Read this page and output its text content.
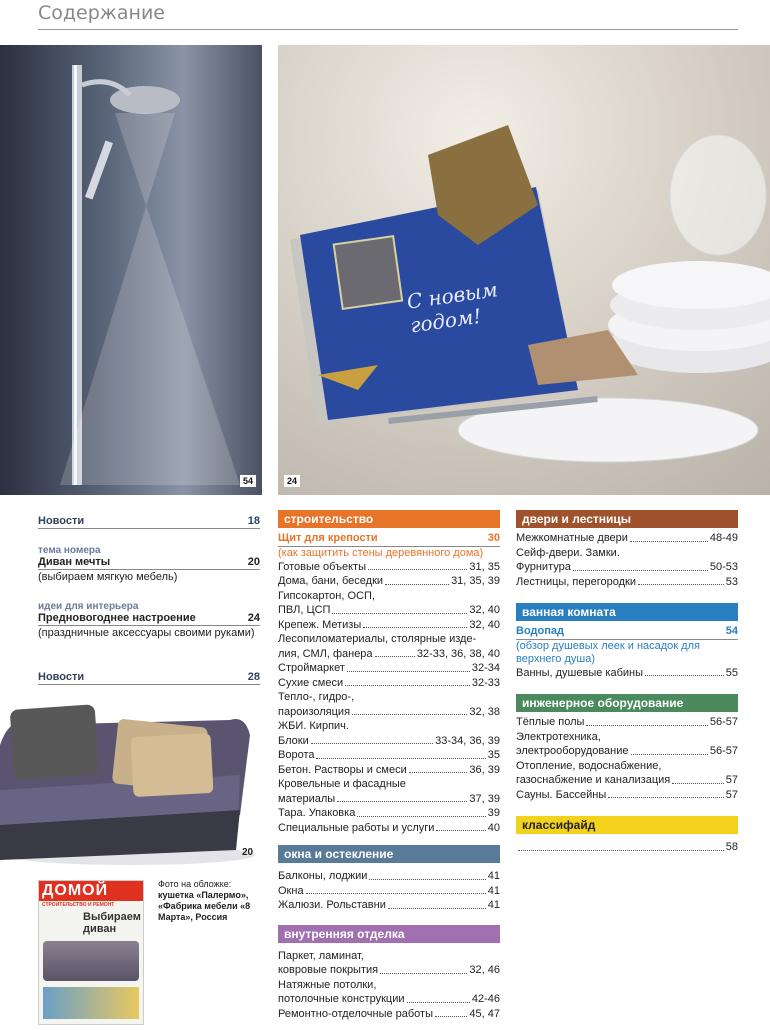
Содержание
54
С новым годом!
24
Новости	18
тема номера
Диван мечты	20
(выбираем мягкую мебель)
идеи для интерьера
Предновогоднее настроение	24
(праздничные аксессуары своими руками)
Новости	28
20
ДОМОЙ
СТРОИТЕЛЬСТВО И РЕМОНТ
Выбираем диван
Фото на обложке:
кушетка «Палермо», «Фабрика мебели «8 Марта», Россия
строительство
Щит для крепости	30
(как защитить стены деревянного дома)
Готовые объекты	31, 35
Дома, бани, беседки	31, 35, 39
Гипсокартон, ОСП,
ПВЛ, ЦСП	32, 40
Крепеж. Метизы	32, 40
Лесопиломатериалы, столярные изде-
лия, СМЛ, фанера	32-33, 36, 38, 40
Строймаркет	32-34
Сухие смеси	32-33
Тепло-, гидро-,
пароизоляция	32, 38
ЖБИ. Кирпич.
Блоки	33-34, 36, 39
Ворота	35
Бетон. Растворы и смеси	36, 39
Кровельные и фасадные
материалы	37, 39
Тара. Упаковка	39
Специальные работы и услуги	40
окна и остекление
Балконы, лоджии	41
Окна	41
Жалюзи. Рольставни	41
внутренняя отделка
Паркет, ламинат,
ковровые покрытия	32, 46
Натяжные потолки,
потолочные конструкции	42-46
Ремонтно-отделочные работы	45, 47
двери и лестницы
Межкомнатные двери	48-49
Сейф-двери. Замки.
Фурнитура	50-53
Лестницы, перегородки	53
ванная комната
Водопад	54
(обзор душевых леек и насадок для верхнего душа)
Ванны, душевые кабины	55
инженерное оборудование
Тёплые полы	56-57
Электротехника,
электрооборудование	56-57
Отопление, водоснабжение,
газоснабжение и канализация	57
Сауны. Бассейны	57
классифайд
58
